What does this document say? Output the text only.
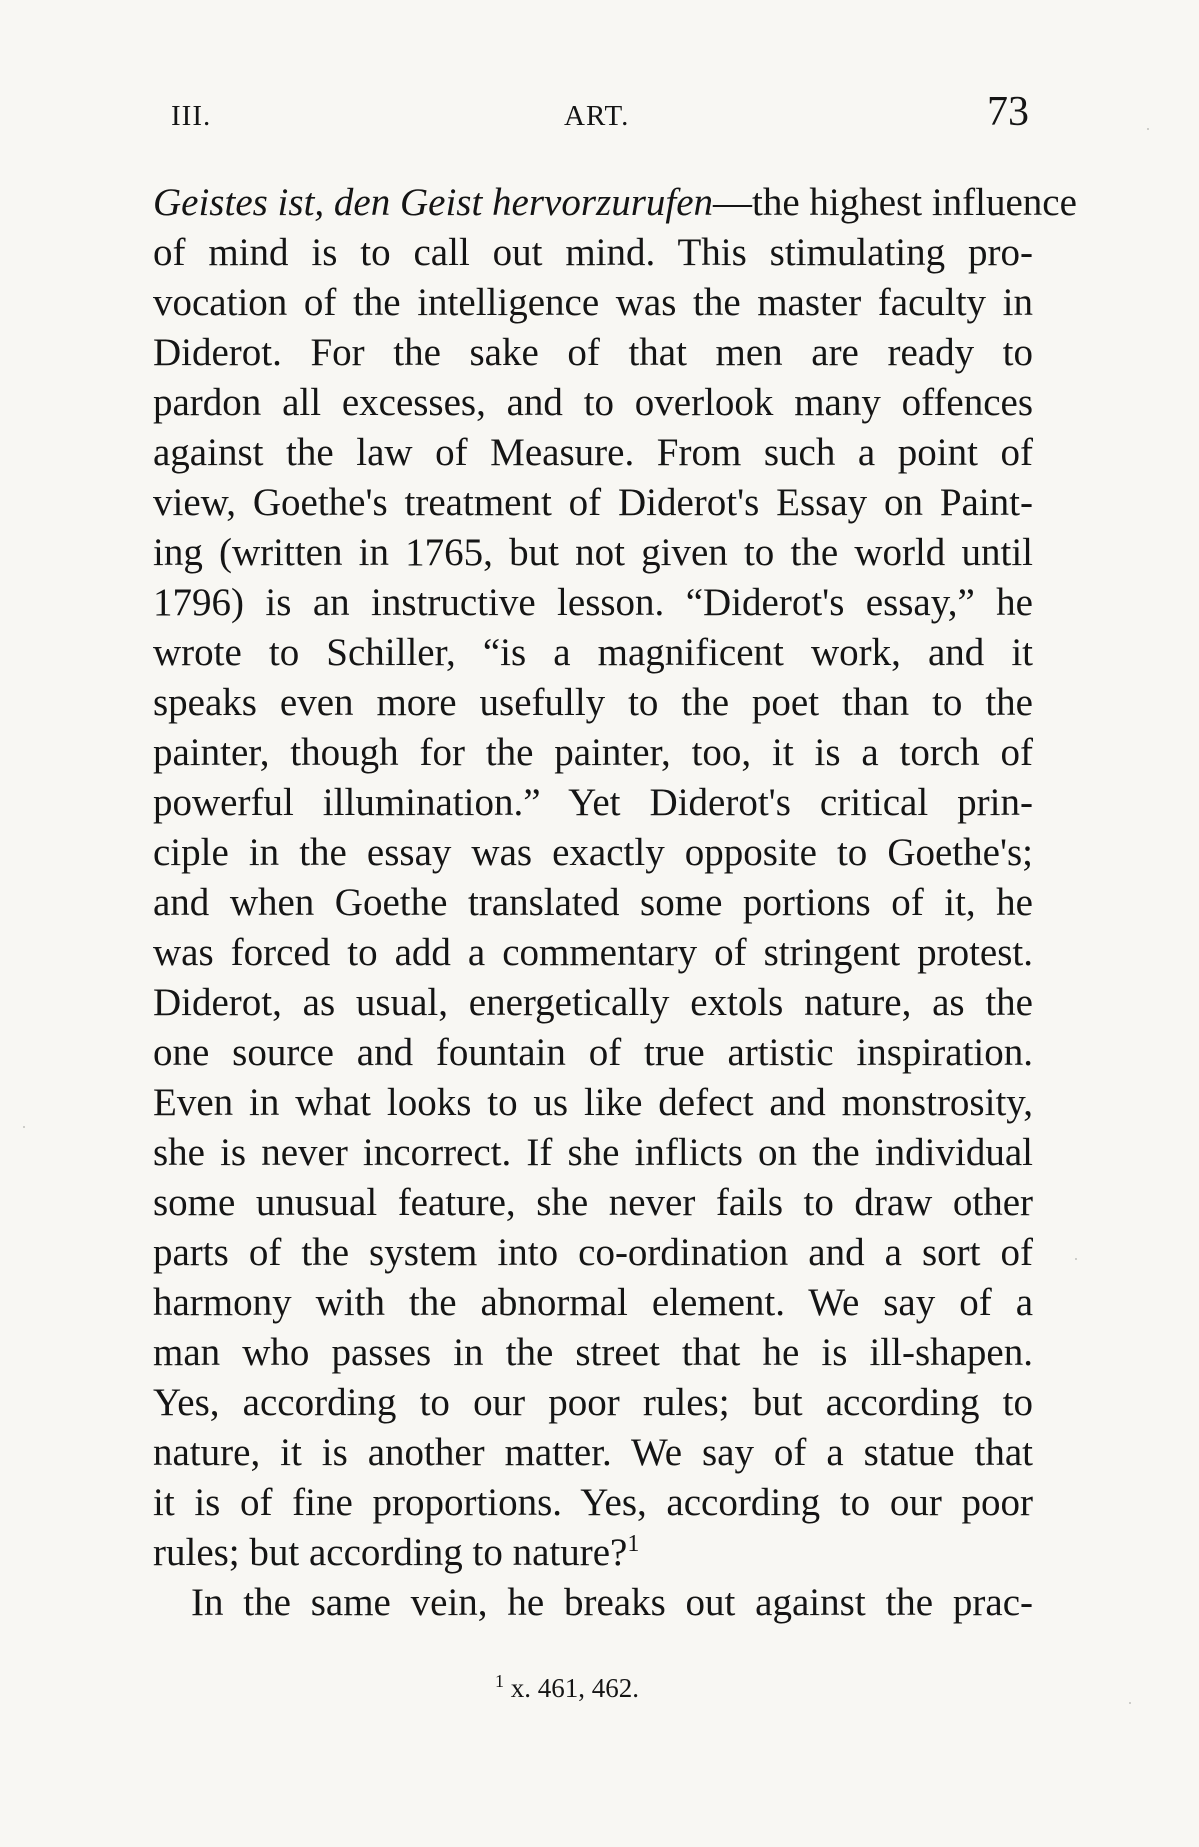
III.	ART.	73
Geistes ist, den Geist hervorzurufen—the highest influence
of mind is to call out mind. This stimulating pro-
vocation of the intelligence was the master faculty in
Diderot. For the sake of that men are ready to
pardon all excesses, and to overlook many offences
against the law of Measure. From such a point of
view, Goethe's treatment of Diderot's Essay on Paint-
ing (written in 1765, but not given to the world until
1796) is an instructive lesson. “Diderot's essay,” he
wrote to Schiller, “is a magnificent work, and it
speaks even more usefully to the poet than to the
painter, though for the painter, too, it is a torch of
powerful illumination.” Yet Diderot's critical prin-
ciple in the essay was exactly opposite to Goethe's;
and when Goethe translated some portions of it, he
was forced to add a commentary of stringent protest.
Diderot, as usual, energetically extols nature, as the
one source and fountain of true artistic inspiration.
Even in what looks to us like defect and monstrosity,
she is never incorrect. If she inflicts on the individual
some unusual feature, she never fails to draw other
parts of the system into co-ordination and a sort of
harmony with the abnormal element. We say of a
man who passes in the street that he is ill-shapen.
Yes, according to our poor rules; but according to
nature, it is another matter. We say of a statue that
it is of fine proportions. Yes, according to our poor
rules; but according to nature?$^1$
In the same vein, he breaks out against the prac-
$^1$ x. 461, 462.
